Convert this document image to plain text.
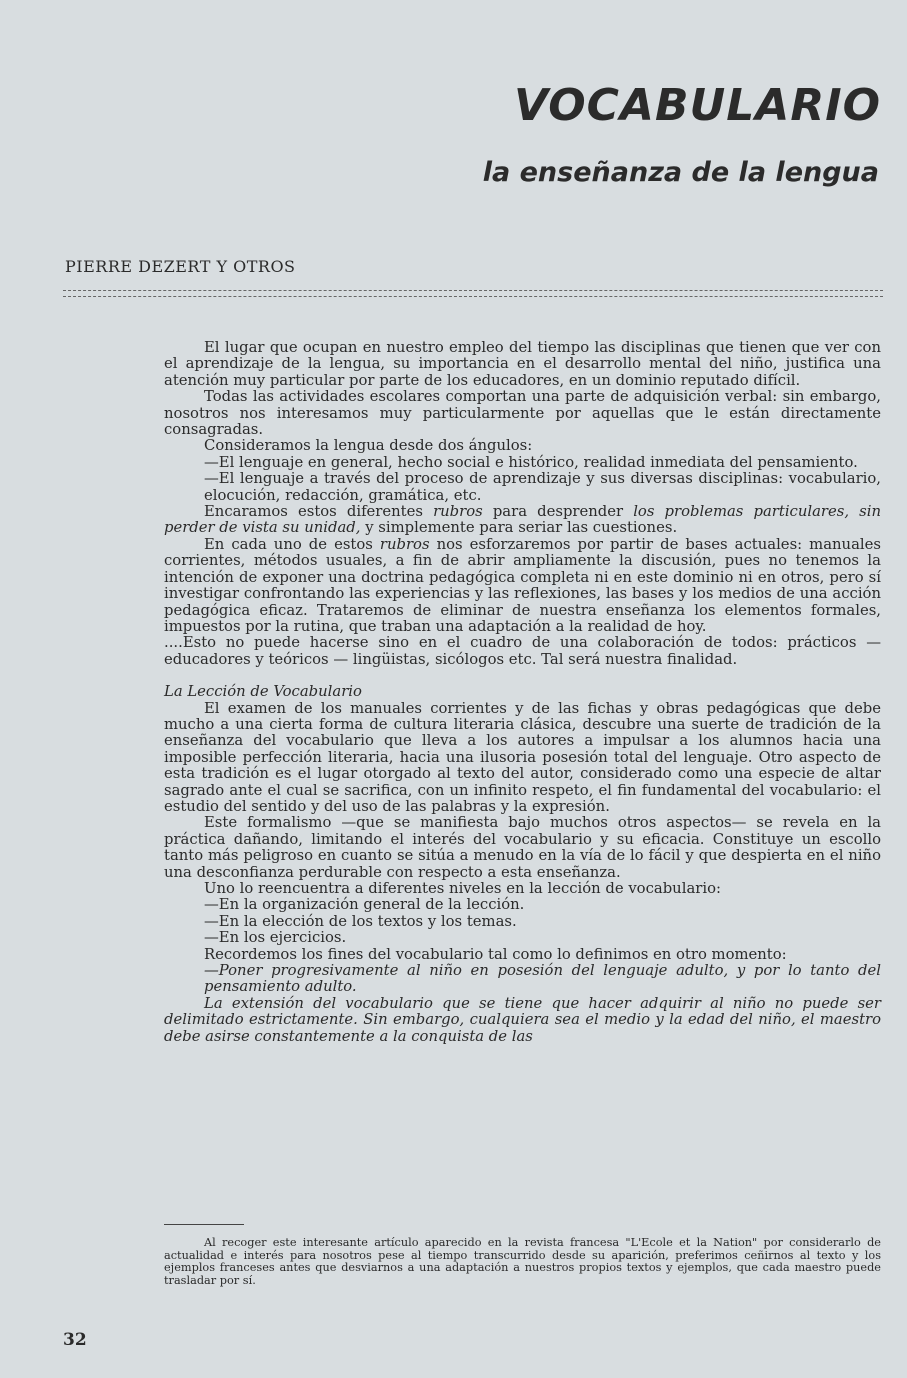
VOCABULARIO
la enseñanza de la lengua
PIERRE DEZERT Y OTROS

El lugar que ocupan en nuestro empleo del tiempo las disciplinas que tienen que ver con el aprendizaje de la lengua, su importancia en el desarrollo mental del niño, justifica una atención muy particular por parte de los educadores, en un dominio reputado difícil.

Todas las actividades escolares comportan una parte de adquisición verbal: sin embargo, nosotros nos interesamos muy particularmente por aquellas que le están directamente consagradas.

Consideramos la lengua desde dos ángulos:

—El lenguaje en general, hecho social e histórico, realidad inmediata del pensamiento.

—El lenguaje a través del proceso de aprendizaje y sus diversas disciplinas: vocabulario, elocución, redacción, gramática, etc.

Encaramos estos diferentes rubros para desprender los problemas particulares, sin perder de vista su unidad, y simplemente para seriar las cuestiones.

En cada uno de estos rubros nos esforzaremos por partir de bases actuales: manuales corrientes, métodos usuales, a fin de abrir ampliamente la discusión, pues no tenemos la intención de exponer una doctrina pedagógica completa ni en este dominio ni en otros, pero sí investigar confrontando las experiencias y las reflexiones, las bases y los medios de una acción pedagógica eficaz. Trataremos de eliminar de nuestra enseñanza los elementos formales, impuestos por la rutina, que traban una adaptación a la realidad de hoy.

....Esto no puede hacerse sino en el cuadro de una colaboración de todos: prácticos — educadores y teóricos — lingüistas, sicólogos etc. Tal será nuestra finalidad.

La Lección de Vocabulario

El examen de los manuales corrientes y de las fichas y obras pedagógicas que debe mucho a una cierta forma de cultura literaria clásica, descubre una suerte de tradición de la enseñanza del vocabulario que lleva a los autores a impulsar a los alumnos hacia una imposible perfección literaria, hacia una ilusoria posesión total del lenguaje. Otro aspecto de esta tradición es el lugar otorgado al texto del autor, considerado como una especie de altar sagrado ante el cual se sacrifica, con un infinito respeto, el fin fundamental del vocabulario: el estudio del sentido y del uso de las palabras y la expresión.

Este formalismo —que se manifiesta bajo muchos otros aspectos— se revela en la práctica dañando, limitando el interés del vocabulario y su eficacia. Constituye un escollo tanto más peligroso en cuanto se sitúa a menudo en la vía de lo fácil y que despierta en el niño una desconfianza perdurable con respecto a esta enseñanza.

Uno lo reencuentra a diferentes niveles en la lección de vocabulario:

—En la organización general de la lección.

—En la elección de los textos y los temas.

—En los ejercicios.

Recordemos los fines del vocabulario tal como lo definimos en otro momento:

—Poner progresivamente al niño en posesión del lenguaje adulto, y por lo tanto del pensamiento adulto.

La extensión del vocabulario que se tiene que hacer adquirir al niño no puede ser delimitado estrictamente. Sin embargo, cualquiera sea el medio y la edad del niño, el maestro debe asirse constantemente a la conquista de las

Al recoger este interesante artículo aparecido en la revista francesa "L'Ecole et la Nation" por considerarlo de actualidad e interés para nosotros pese al tiempo transcurrido desde su aparición, preferimos ceñirnos al texto y los ejemplos franceses antes que desviarnos a una adaptación a nuestros propios textos y ejemplos, que cada maestro puede trasladar por sí.

32
